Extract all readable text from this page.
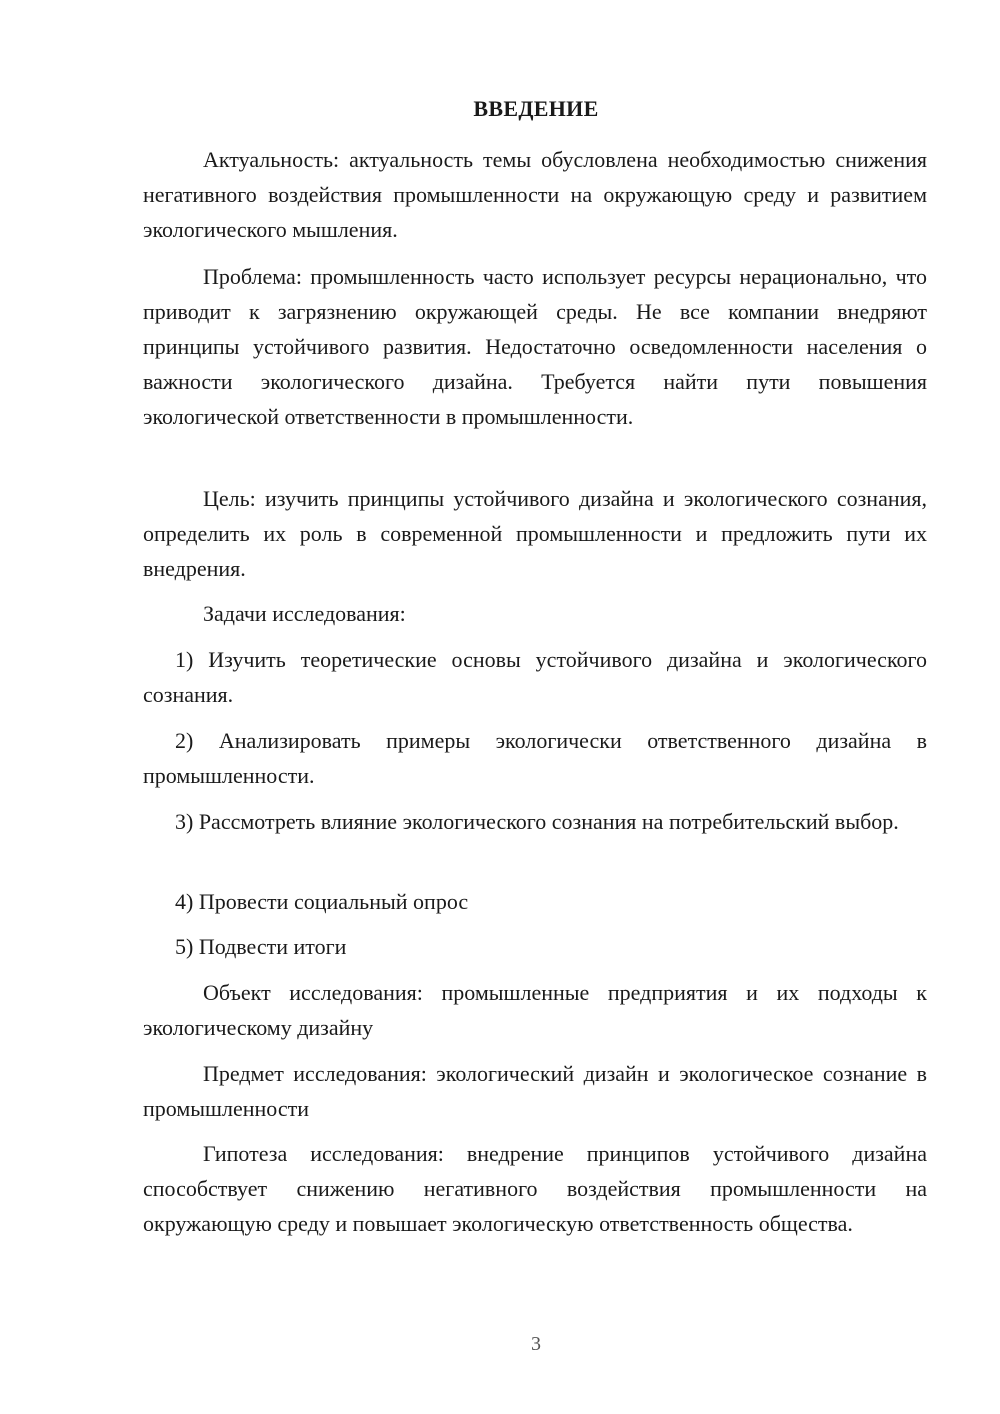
ВВЕДЕНИЕ

Актуальность: актуальность темы обусловлена необходимостью снижения негативного воздействия промышленности на окружающую среду и развитием экологического мышления.

Проблема: промышленность часто использует ресурсы нерационально, что приводит к загрязнению окружающей среды. Не все компании внедряют принципы устойчивого развития. Недостаточно осведомленности населения о важности экологического дизайна. Требуется найти пути повышения экологической ответственности в промышленности.

Цель: изучить принципы устойчивого дизайна и экологического сознания, определить их роль в современной промышленности и предложить пути их внедрения.

Задачи исследования:

1) Изучить теоретические основы устойчивого дизайна и экологического сознания.

2) Анализировать примеры экологически ответственного дизайна в промышленности.

3) Рассмотреть влияние экологического сознания на потребительский выбор.

4) Провести социальный опрос

5) Подвести итоги

Объект исследования: промышленные предприятия и их подходы к экологическому дизайну

Предмет исследования: экологический дизайн и экологическое сознание в промышленности

Гипотеза исследования: внедрение принципов устойчивого дизайна способствует снижению негативного воздействия промышленности на окружающую среду и повышает экологическую ответственность общества.

3
